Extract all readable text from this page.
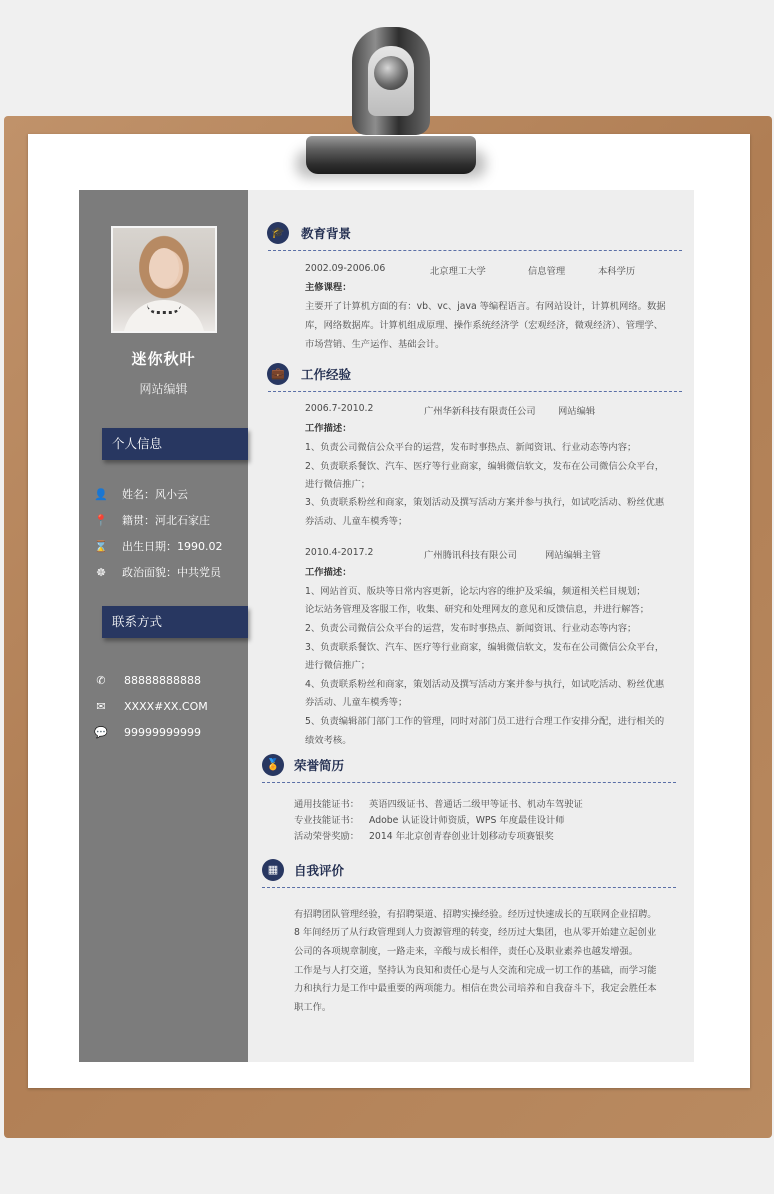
迷你秋叶
网站编辑
个人信息
👤 姓名：风小云
📍 籍贯：河北石家庄
⌛ 出生日期：1990.02
☸ 政治面貌：中共党员
联系方式
✆ 88888888888
✉ XXXX#XX.COM
💬 99999999999
🎓	教育背景
2002.09-2006.06	北京理工大学	信息管理	本科学历
主修课程：
主要开了计算机方面的有：vb、vc、java 等编程语言。有网站设计，计算机网络。数据
库，网络数据库。计算机组成原理、操作系统经济学（宏观经济，微观经济）、管理学、
市场营销、生产运作、基础会计。
💼	工作经验
2006.7-2010.2	广州华新科技有限责任公司 网站编辑
工作描述：
1、负责公司微信公众平台的运营，发布时事热点、新闻资讯、行业动态等内容；
2、负责联系餐饮、汽车、医疗等行业商家，编辑微信软文，发布在公司微信公众平台，
进行微信推广；
3、负责联系粉丝和商家，策划活动及撰写活动方案并参与执行，如试吃活动、粉丝优惠
券活动、儿童车模秀等；
2010.4-2017.2	广州腾讯科技有限公司	网站编辑主管
工作描述：
1、网站首页、版块等日常内容更新，论坛内容的维护及采编，频道相关栏目规划；
论坛站务管理及客服工作，收集、研究和处理网友的意见和反馈信息，并进行解答；
2、负责公司微信公众平台的运营，发布时事热点、新闻资讯、行业动态等内容；
3、负责联系餐饮、汽车、医疗等行业商家，编辑微信软文，发布在公司微信公众平台，
进行微信推广；
4、负责联系粉丝和商家，策划活动及撰写活动方案并参与执行，如试吃活动、粉丝优惠
券活动、儿童车模秀等；
5、负责编辑部门部门工作的管理，同时对部门员工进行合理工作安排分配，进行相关的
绩效考核。
🏅	荣誉简历
通用技能证书： 英语四级证书、普通话二级甲等证书、机动车驾驶证
专业技能证书： Adobe 认证设计师资质，WPS 年度最佳设计师
活动荣誉奖励： 2014 年北京创青春创业计划移动专项赛银奖
▦	自我评价
有招聘团队管理经验，有招聘渠道、招聘实操经验。经历过快速成长的互联网企业招聘。
8 年间经历了从行政管理到人力资源管理的转变，经历过大集团，也从零开始建立起创业
公司的各项规章制度，一路走来，辛酸与成长相伴，责任心及职业素养也越发增强。
工作是与人打交道，坚持认为良知和责任心是与人交流和完成一切工作的基础，而学习能
力和执行力是工作中最重要的两项能力。相信在贵公司培养和自我奋斗下，我定会胜任本
职工作。
